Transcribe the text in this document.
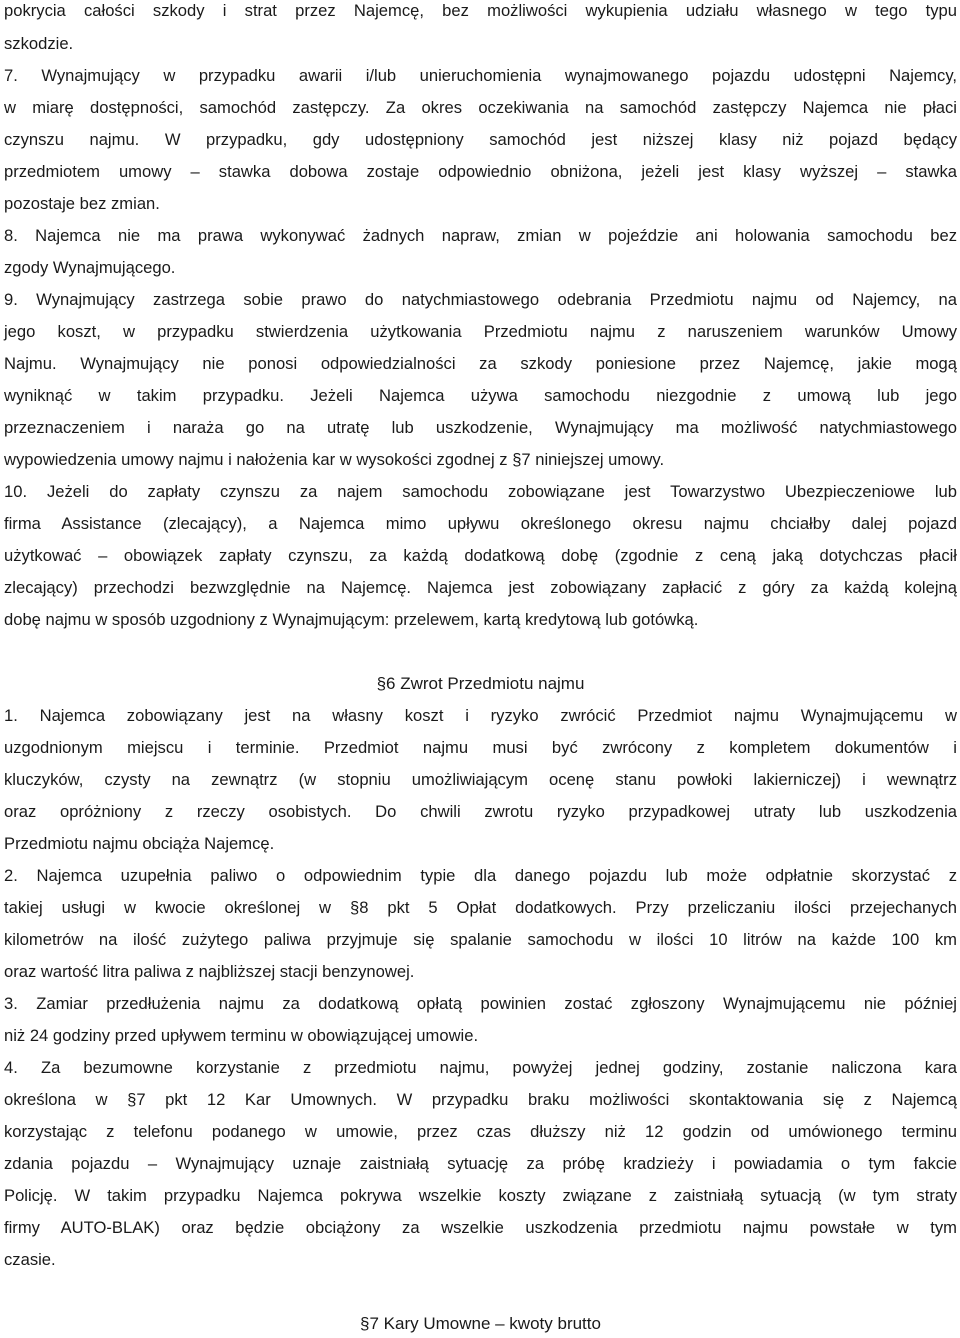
pokrycia całości szkody i strat przez Najemcę, bez możliwości wykupienia udziału własnego w tego typu
szkodzie.
7. Wynajmujący w przypadku awarii i/lub unieruchomienia wynajmowanego pojazdu udostępni Najemcy,
w miarę dostępności, samochód zastępczy. Za okres oczekiwania na samochód zastępczy Najemca nie płaci
czynszu najmu. W przypadku, gdy udostępniony samochód jest niższej klasy niż pojazd będący
przedmiotem umowy – stawka dobowa zostaje odpowiednio obniżona, jeżeli jest klasy wyższej – stawka
pozostaje bez zmian.
8. Najemca nie ma prawa wykonywać żadnych napraw, zmian w pojeździe ani holowania samochodu bez
zgody Wynajmującego.
9. Wynajmujący zastrzega sobie prawo do natychmiastowego odebrania Przedmiotu najmu od Najemcy, na
jego koszt, w przypadku stwierdzenia użytkowania Przedmiotu najmu z naruszeniem warunków Umowy
Najmu. Wynajmujący nie ponosi odpowiedzialności za szkody poniesione przez Najemcę, jakie mogą
wyniknąć w takim przypadku. Jeżeli Najemca używa samochodu niezgodnie z umową lub jego
przeznaczeniem i naraża go na utratę lub uszkodzenie, Wynajmujący ma możliwość natychmiastowego
wypowiedzenia umowy najmu i nałożenia kar w wysokości zgodnej z §7 niniejszej umowy.
10. Jeżeli do zapłaty czynszu za najem samochodu zobowiązane jest Towarzystwo Ubezpieczeniowe lub
firma Assistance (zlecający), a Najemca mimo upływu określonego okresu najmu chciałby dalej pojazd
użytkować – obowiązek zapłaty czynszu, za każdą dodatkową dobę (zgodnie z ceną jaką dotychczas płacił
zlecający) przechodzi bezwzględnie na Najemcę. Najemca jest zobowiązany zapłacić z góry za każdą kolejną
dobę najmu w sposób uzgodniony z Wynajmującym: przelewem, kartą kredytową lub gotówką.
§6 Zwrot Przedmiotu najmu
1. Najemca zobowiązany jest na własny koszt i ryzyko zwrócić Przedmiot najmu Wynajmującemu w
uzgodnionym miejscu i terminie. Przedmiot najmu musi być zwrócony z kompletem dokumentów i
kluczyków, czysty na zewnątrz (w stopniu umożliwiającym ocenę stanu powłoki lakierniczej) i wewnątrz
oraz opróżniony z rzeczy osobistych. Do chwili zwrotu ryzyko przypadkowej utraty lub uszkodzenia
Przedmiotu najmu obciąża Najemcę.
2. Najemca uzupełnia paliwo o odpowiednim typie dla danego pojazdu lub może odpłatnie skorzystać z
takiej usługi w kwocie określonej w §8 pkt 5 Opłat dodatkowych. Przy przeliczaniu ilości przejechanych
kilometrów na ilość zużytego paliwa przyjmuje się spalanie samochodu w ilości 10 litrów na każde 100 km
oraz wartość litra paliwa z najbliższej stacji benzynowej.
3. Zamiar przedłużenia najmu za dodatkową opłatą powinien zostać zgłoszony Wynajmującemu nie później
niż 24 godziny przed upływem terminu w obowiązującej umowie.
4. Za bezumowne korzystanie z przedmiotu najmu, powyżej jednej godziny, zostanie naliczona kara
określona w §7 pkt 12 Kar Umownych. W przypadku braku możliwości skontaktowania się z Najemcą
korzystając z telefonu podanego w umowie, przez czas dłuższy niż 12 godzin od umówionego terminu
zdania pojazdu – Wynajmujący uznaje zaistniałą sytuację za próbę kradzieży i powiadamia o tym fakcie
Policję. W takim przypadku Najemca pokrywa wszelkie koszty związane z zaistniałą sytuacją (w tym straty
firmy AUTO-BLAK) oraz będzie obciążony za wszelkie uszkodzenia przedmiotu najmu powstałe w tym
czasie.
§7 Kary Umowne – kwoty brutto
